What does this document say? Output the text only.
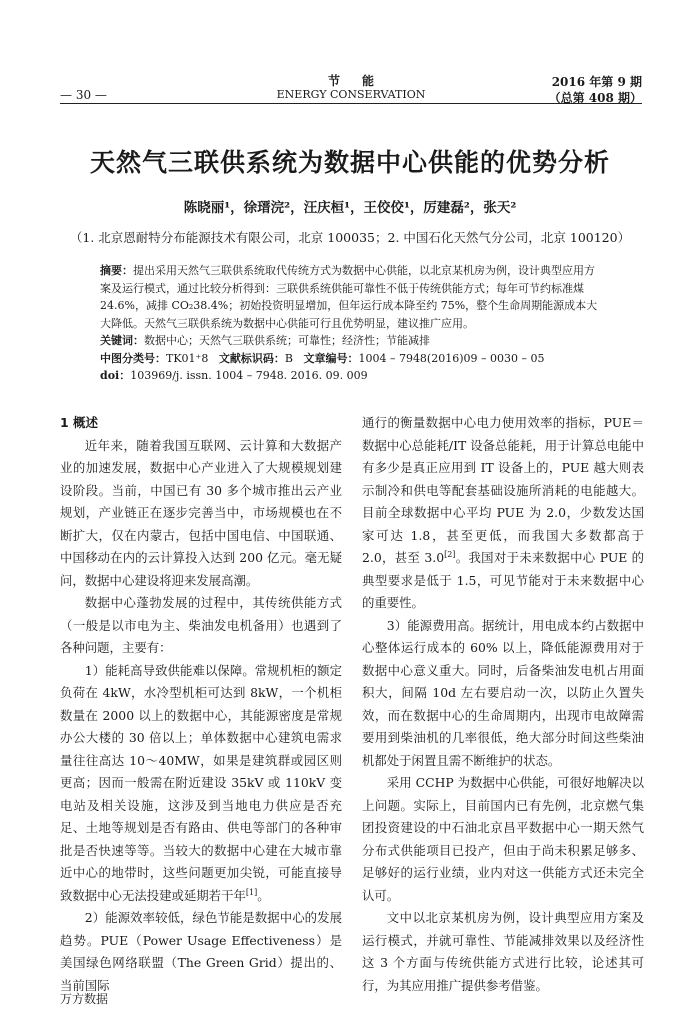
— 30 —
节能
ENERGY CONSERVATION
2016 年第 9 期
（总第 408 期）
天然气三联供系统为数据中心供能的优势分析
陈晓丽¹，徐瑨浣²，汪庆桓¹，王佼佼¹，厉建磊²，张天²
（1. 北京恩耐特分布能源技术有限公司，北京 100035；2. 中国石化天然气分公司，北京 100120）

摘要：提出采用天然气三联供系统取代传统方式为数据中心供能，以北京某机房为例，设计典型应用方案及运行模式，通过比较分析得到：三联供系统供能可靠性不低于传统供能方式；每年可节约标准煤 24.6%，减排 CO₂38.4%；初始投资明显增加，但年运行成本降至约 75%，整个生命周期能源成本大大降低。天然气三联供系统为数据中心供能可行且优势明显，建议推广应用。

关键词：数据中心；天然气三联供系统；可靠性；经济性；节能减排

中图分类号：TK01⁺8 文献标识码：B 文章编号：1004 – 7948(2016)09 – 0030 – 05

doi：103969/j. issn. 1004 – 7948. 2016. 09. 009

1 概述

近年来，随着我国互联网、云计算和大数据产业的加速发展，数据中心产业进入了大规模规划建设阶段。当前，中国已有 30 多个城市推出云产业规划，产业链正在逐步完善当中，市场规模也在不断扩大，仅在内蒙古，包括中国电信、中国联通、中国移动在内的云计算投入达到 200 亿元。毫无疑问，数据中心建设将迎来发展高潮。

数据中心蓬勃发展的过程中，其传统供能方式（一般是以市电为主、柴油发电机备用）也遇到了各种问题，主要有：

1）能耗高导致供能难以保障。常规机柜的额定负荷在 4kW，水冷型机柜可达到 8kW，一个机柜数量在 2000 以上的数据中心，其能源密度是常规办公大楼的 30 倍以上；单体数据中心建筑电需求量往往高达 10～40MW，如果是建筑群或园区则更高；因而一般需在附近建设 35kV 或 110kV 变电站及相关设施，这涉及到当地电力供应是否充足、土地等规划是否有路由、供电等部门的各种审批是否快速等等。当较大的数据中心建在大城市靠近中心的地带时，这些问题更加尖锐，可能直接导致数据中心无法投建或延期若干年[1]。

2）能源效率较低，绿色节能是数据中心的发展趋势。PUE（Power Usage Effectiveness）是美国绿色网络联盟（The Green Grid）提出的、当前国际

通行的衡量数据中心电力使用效率的指标，PUE＝数据中心总能耗/IT 设备总能耗，用于计算总电能中有多少是真正应用到 IT 设备上的，PUE 越大则表示制冷和供电等配套基础设施所消耗的电能越大。目前全球数据中心平均 PUE 为 2.0，少数发达国家可达 1.8，甚至更低，而我国大多数都高于 2.0，甚至 3.0[2]。我国对于未来数据中心 PUE 的典型要求是低于 1.5，可见节能对于未来数据中心的重要性。

3）能源费用高。据统计，用电成本约占数据中心整体运行成本的 60% 以上，降低能源费用对于数据中心意义重大。同时，后备柴油发电机占用面积大，间隔 10d 左右要启动一次，以防止久置失效，而在数据中心的生命周期内，出现市电故障需要用到柴油机的几率很低，绝大部分时间这些柴油机都处于闲置且需不断维护的状态。

采用 CCHP 为数据中心供能，可很好地解决以上问题。实际上，目前国内已有先例，北京燃气集团投资建设的中石油北京昌平数据中心一期天然气分布式供能项目已投产，但由于尚未积累足够多、足够好的运行业绩，业内对这一供能方式还未完全认可。

文中以北京某机房为例，设计典型应用方案及运行模式，并就可靠性、节能减排效果以及经济性这 3 个方面与传统供能方式进行比较，论述其可行，为其应用推广提供参考借鉴。

万方数据
